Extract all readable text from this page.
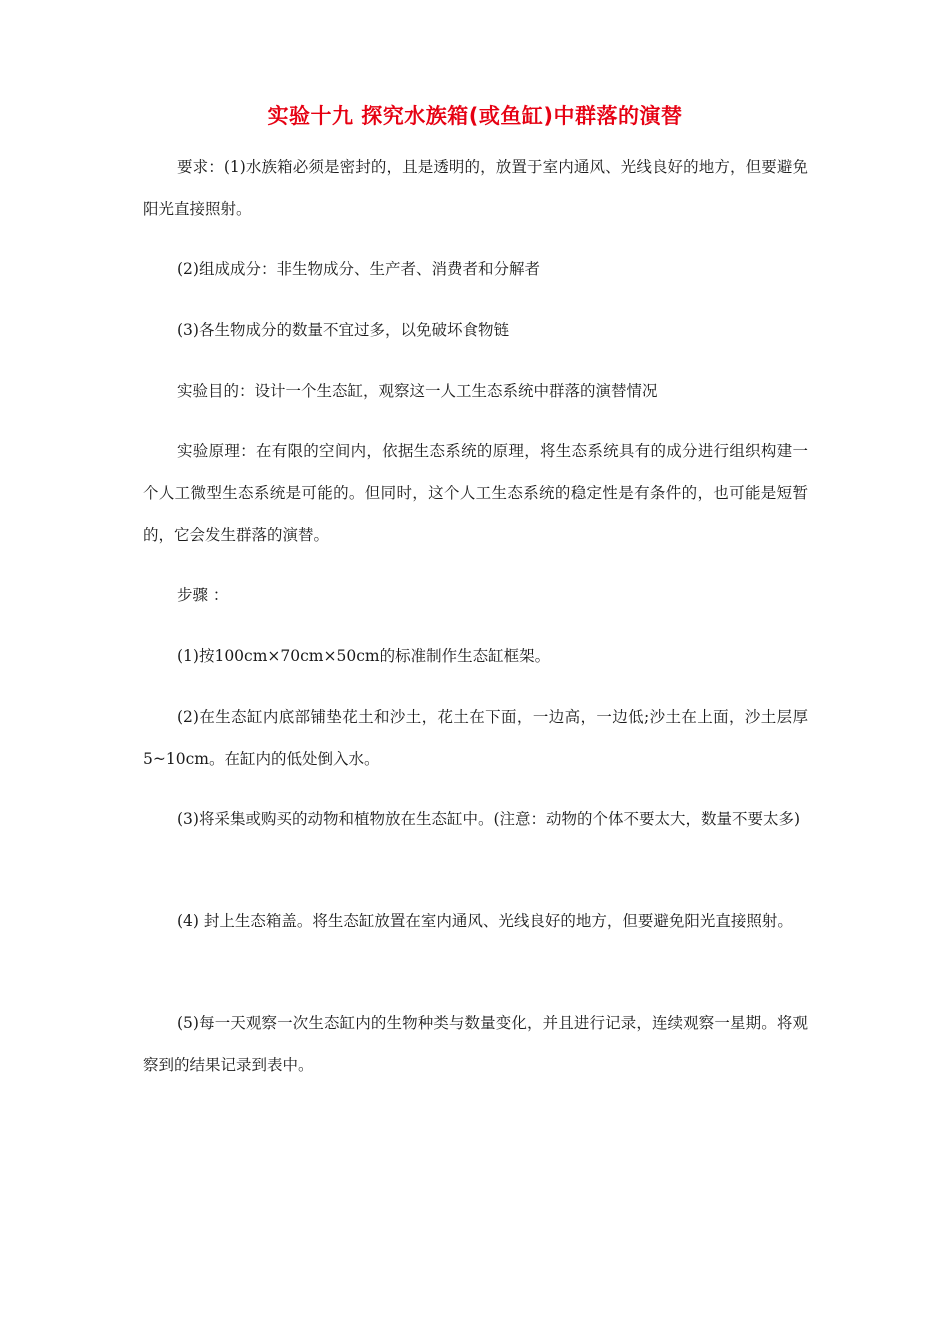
实验十九 探究水族箱(或鱼缸)中群落的演替

要求：(1)水族箱必须是密封的，且是透明的，放置于室内通风、光线良好的地方，但要避免阳光直接照射。

(2)组成成分：非生物成分、生产者、消费者和分解者

(3)各生物成分的数量不宜过多，以免破坏食物链

实验目的：设计一个生态缸，观察这一人工生态系统中群落的演替情况

实验原理：在有限的空间内，依据生态系统的原理，将生态系统具有的成分进行组织构建一个人工微型生态系统是可能的。但同时，这个人工生态系统的稳定性是有条件的，也可能是短暂的，它会发生群落的演替。

步骤 ：

(1)按100cm×70cm×50cm的标准制作生态缸框架。

(2)在生态缸内底部铺垫花土和沙土，花土在下面，一边高，一边低;沙土在上面，沙土层厚5~10cm。在缸内的低处倒入水。

(3)将采集或购买的动物和植物放在生态缸中。(注意：动物的个体不要太大，数量不要太多)

(4) 封上生态箱盖。将生态缸放置在室内通风、光线良好的地方，但要避免阳光直接照射。

(5)每一天观察一次生态缸内的生物种类与数量变化，并且进行记录，连续观察一星期。将观察到的结果记录到表中。
